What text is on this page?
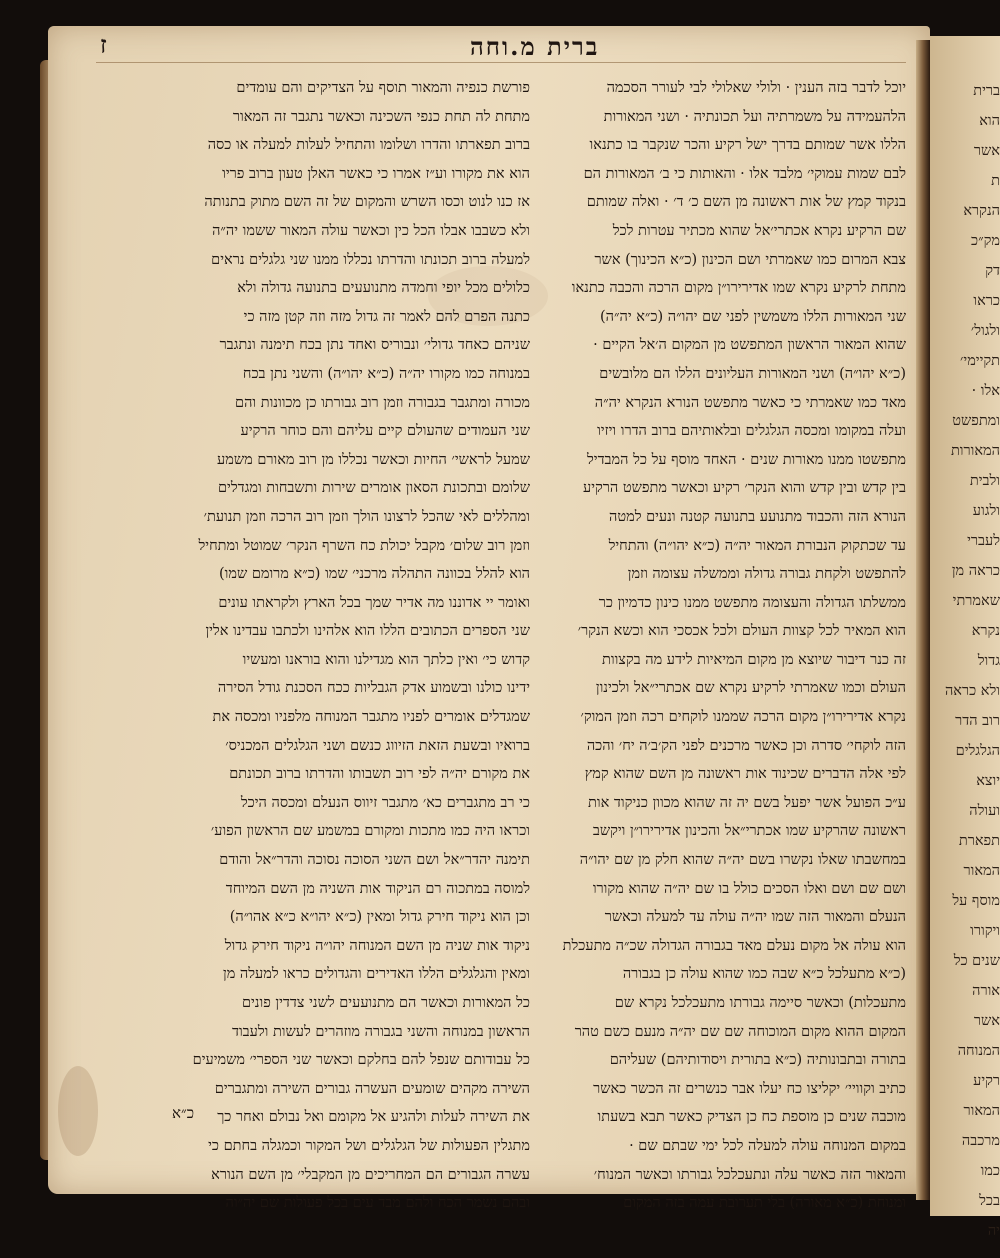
ז	ברית מ.וחה
יוכל לדבר בזה הענין · ולולי שאלולי לבי לעורר הסכמה
הלהעמידה על משמרתיה ועל תכונתיה · ושני המאורות
הללו אשר שמותם בדרך ישל רקיע והכר שנקבר בו כתנאו
לבם שמות עמוקי׳ מלבד אלו · והאותות כי ב׳ המאורות הם
בנקוד קמץ של אות ראשונה מן השם כ׳ ד׳ · ואלה שמותם
שם הרקיע נקרא אכתרי׳אל שהוא מכתיר עטרות לכל
צבא המרום כמו שאמרתי ושם הכינון (כ״א הכינוך) אשר
מתחת לרקיע נקרא שמו אדירירו״ן מקום הרכה והכבה כתנאו
שני המאורות הללו משמשין לפני שם יהו״ה (כ״א יה״ה)
שהוא המאור הראשון המתפשט מן המקום ה׳אל הקיים ·
(כ״א יהו״ה) ושני המאורות העליונים הללו הם מלובשים
מאד כמו שאמרתי כי כאשר מתפשט הנורא הנקרא יה״ה
ועלה במקומו ומכסה הגלגלים ובלאותיהם ברוב הדרו ויזיו
מתפשטו ממנו מאורות שנים · האחד מוסף על כל המבדיל
בין קדש ובין קדש והוא הנקר׳ רקיע וכאשר מתפשט הרקיע
הנורא הזה והכבוד מתנועע בתנועה קטנה ונעים למטה
עד שכתקוק הנבורת המאור יה״ה (כ״א יהו״ה) והתחיל
להתפשט ולקחת גבורה גדולה וממשלה עצומה וזמן
ממשלתו הגדולה והעצומה מתפשט ממנו כינון כדמיון כר
הוא המאיר לכל קצוות העולם ולכל אכסכי הוא וכשא הנקר׳
זה כנר דיבור שיוצא מן מקום המיאיות לידע מה בקצוות
העולם וכמו שאמרתי לרקיע נקרא שם אכתרי״אל ולכינון
נקרא אדירירו״ן מקום הרכה שממנו לוקחים רכה וזמן המוק׳
הזה לוקחי׳ סדרה וכן כאשר מרכנים לפני הק׳ב׳ה יח׳ והכה
לפי אלה הדברים שכינוד אות ראשונה מן השם שהוא קמץ
ע״כ הפועל אשר יפעל בשם יה זה שהוא מכוון כניקוד אות
ראשונה שהרקיע שמו אכתרי״אל והכינון אדירירו״ן ויקשב
במחשבתו שאלו נקשרו בשם יה״ה שהוא חלק מן שם יהו״ה
ושם שם ושם ואלו הסכים כולל בו שם יה״ה שהוא מקורו
הנעלם והמאור הזה שמו יה״ה עולה עד למעלה וכאשר
הוא עולה אל מקום נעלם מאד בגבורה הגדולה שכ״ה מתעכלת
(כ״א מתעלכל כ״א שבה כמו שהוא עולה כן בגבורה
מתעכלות) וכאשר סיימה גבורתו מתעכלכל נקרא שם
המקום ההוא מקום המוכוחה שם שם יה״ה מנעם כשם טהר
בתורה ובתבונותיה (כ״א בתורית ויסודותיהם) שעליהם
כתיב וקוויי׳ יקליצו כח יעלו אבר כנשרים זה הכשר כאשר
מוכבה שנים כן מוספת כח כן הצדיק כאשר תבא בשעתו
במקום המנוחה עולה למעלה לכל ימי שבתם שם ·
והמאור הזה כאשר עלה ונתעכלכל גבורתו וכאשר המנוח׳
ומנוחת (כ״א מאורה) בלי תערובת עמה בזה המקום
פורשת כנפיה והמאור תוסף על הצדיקים והם עומדים
מתחת לה תחת כנפי השכינה וכאשר נתגבר זה המאור
ברוב תפארתו והדרו ושלומו והתחיל לעלות למעלה או כסה
הוא את מקורו וע״ז אמרו כי כאשר האלן טעון ברוב פריו
אז כנו לנוט וכסו השרש והמקום של זה השם מתוק בתנותה
ולא כשבבו אבלו הכל כין וכאשר עולה המאור ששמו יה״ה
למעלה ברוב תכונתו והדרתו נכללו ממנו שני גלגלים נראים
כלולים מכל יופי וחמדה מתנועעים בתנועה גדולה ולא
כתנה הפרם להם לאמר זה גדול מזה וזה קטן מזה כי
שניהם כאחד גדולי׳ ונבוריס ואחד נתן בכח תימנה ונתגבר
במנוחה כמו מקורו יה״ה (כ״א יהו״ה) והשני נתן בכח
מכורה ומתגבר בגבורה וזמן רוב גבורתו כן מכוונות והם
שני העמודים שהעולם קיים עליהם והם כוחר הרקיע
שמעל לראשי׳ החיות וכאשר נכללו מן רוב מאורם משמע
שלומם ובתכונת הסאון אומרים שירות ותשבחות ומגדלים
ומהללים לאי שהכל לרצונו הולך וזמן רוב הרכה וזמן תנועת׳
וזמן רוב שלום׳ מקבל יכולת כח השרף הנקר׳ שמוטל ומתחיל
הוא להלל בכוונה התהלה מרכני׳ שמו (כ״א מרומם שמו)
ואומר יי אדוננו מה אדיר שמך בכל הארץ ולקראתו עונים
שני הספרים הכתובים הללו הוא אלהינו ולכתבו עבדינו אלין
קדוש כי׳ ואין כלתך הוא מגדילנו והוא בוראנו ומעשיו
ידינו כולנו ובשמוע אדק הגבליות ככח הסכנת גודל הסירה
שמגדלים אומרים לפניו מתגבר המנוחה מלפניו ומכסה את
ברואיו ובשעת הזאת הזיווג כנשם ושני הגלגלים המכניס׳
את מקורם יה״ה לפי רוב תשבותו והדרתו ברוב תכונתם
כי רב מתגברים כא׳ מתגבר זיווס הנעלם ומכסה היכל
וכראו היה כמו מתכות ומקורם במשמע שם הראשון הפוע׳
תימנה יהדר״אל ושם השני הסוכה נסוכה והדר״אל והודם
למוסה במתכוה רם הניקוד אות השניה מן השם המיוחד
וכן הוא ניקוד חירק גדול ומאין (כ״א יהו״א כ״א אהו״ה)
ניקוד אות שניה מן השם המנוחה יהו״ה ניקוד חירק גדול
ומאין והגלגלים הללו האדירים והגדולים כראו למעלה מן
כל המאורות וכאשר הם מתנועעים לשני צדדין פונים
הראשון במנוחה והשני בגבורה מוזהרים לעשות ולעבוד
כל עבודותם שנפל להם בחלקם וכאשר שני הספרי׳ משמיעים
השירה מקהים שומעים העשרה גבורים השירה ומתגברים
את השירה לעלות ולהגיע אל מקומם ואל נבולם ואחר כך
מתגלין הפעולות של הגלגלים ושל המקור וכמגלה בחתם כי
עשרה הגבורים הם המחריכים מן המקבלי׳ מן השם הנורא
ובהם נשמר הכח ולהם מבד עים בכל פעולות שם יה״וה
כ״א
ברית
הוא
אשר
ת
הנקרא
מק״כ
דק
כראו
ולגול׳
תקיימי׳
אלו ·
ומתפשט
המאורות
ולבית
ולגוע
לעברי
כראה מן
שאמרתי
נקרא
גדול
ולא כראה
רוב הדר
הגלגלים
יוצא
ועולה
תפארת
המאור
מוסף על
ויקורו
שנים כל
אורה
אשר
המנוחה
רקיע
המאור
מרכבה
כמו
בכל
יה
